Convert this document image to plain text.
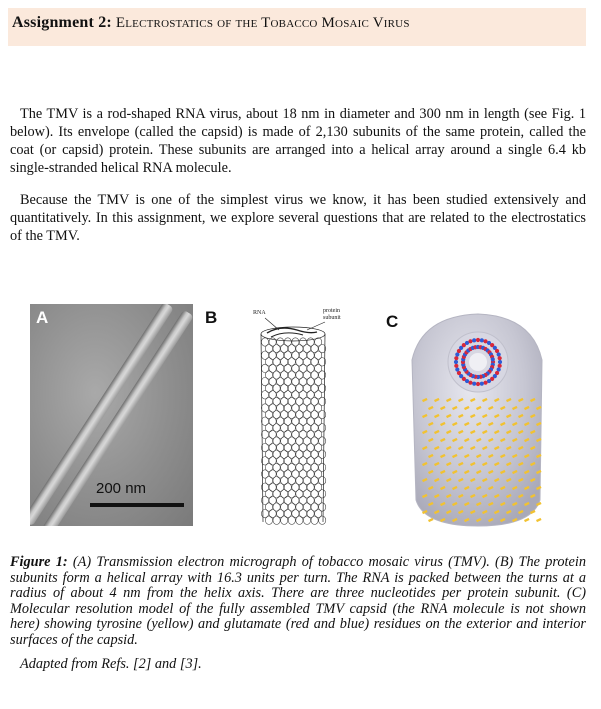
Assignment 2: Electrostatics of the Tobacco Mosaic Virus

The TMV is a rod-shaped RNA virus, about 18 nm in diameter and 300 nm in length (see Fig. 1 below). Its envelope (called the capsid) is made of 2,130 subunits of the same protein, called the coat (or capsid) protein. These subunits are arranged into a helical array around a single 6.4 kb single-stranded helical RNA molecule.

Because the TMV is one of the simplest virus we know, it has been studied extensively and quantitatively. In this assignment, we explore several questions that are related to the electrostatics of the TMV.

A
200 nm
B	RNA	protein
subunit	C

Figure 1: (A) Transmission electron micrograph of tobacco mosaic virus (TMV). (B) The protein subunits form a helical array with 16.3 units per turn. The RNA is packed between the turns at a radius of about 4 nm from the helix axis. There are three nucleotides per protein subunit. (C) Molecular resolution model of the fully assembled TMV capsid (the RNA molecule is not shown here) showing tyrosine (yellow) and glutamate (red and blue) residues on the exterior and interior surfaces of the capsid.

Adapted from Refs. [2] and [3].
